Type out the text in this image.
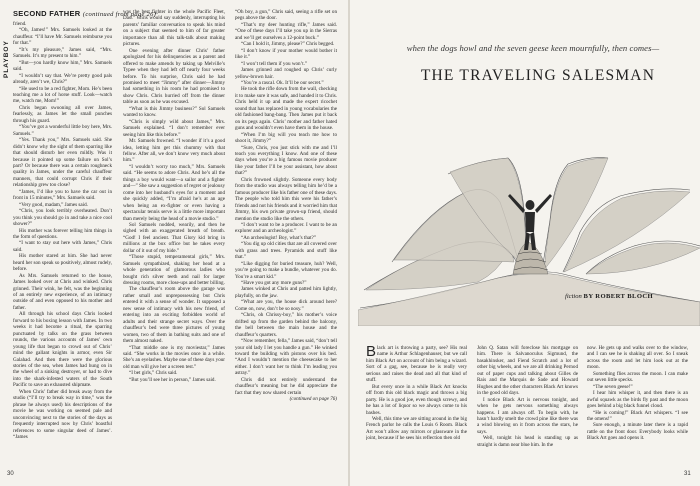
PLAYBOY
SECOND FATHER (continued from page 26)

friend.

“Oh, James!” Mrs. Samuels looked at the chauffeur. “I’ll have Mr. Samuels reimburse you for that.”

“It’s my pleasure,” James said, “Mrs. Samuels. It’s my present to him.”

“But—you hardly know him,” Mrs. Samuels said.

“I wouldn’t say that. We’re pretty good pals already, aren’t we, Chris?”

“He used to be a red fighter, Mom. He’s been teaching me a lot of horse stuff. Look—watch me, watch me, Mom!”

Chris began swooning all over James, fearlessly, as James let the small punches through his guard.

“You’ve got a wonderful little boy here, Mrs. Samuels.”

“Yes. Thank you,” Mrs. Samuels said. She didn’t know why the sight of them sparring like that should disturb her even mildly. Was it because it pointed up some failure on Sol’s part? Or because there was a certain roughneck quality in James, under the careful chauffeur manners, that could corrupt Chris if their relationship grew too close?

“James, I’d like you to have the car out in front in 15 minutes,” Mrs. Samuels said.

“Very good, madam,” James said.

“Chris, you look terribly overheated. Don’t you think you should go in and take a nice cool shower?”

His mother was forever telling him things in the form of questions.

“I want to stay out here with James,” Chris said.

His mother stared at him. She had never heard her son speak so positively, almost rudely, before.

As Mrs. Samuels returned to the house, James looked over at Chris and winked. Chris grinned. Their wink, he felt, was the beginning of an entirely new experience, of an intimacy outside of and even opposed to his mother and father.

All through his school days Chris looked forward to his boxing lesson with James. In two weeks it had become a ritual, the sparring punctuated by talks on the grass between rounds, the various accounts of James’ own young life that began to crowd out of Chris’ mind the gallant knights in armor, even Sir Galahad. And then there were the glorious stories of the sea, when James had hung on in the wheel of a sinking destroyer, or had to dive into the shark-infested waters of the South Pacific to save an exhausted shipmate.

When Chris’ father did break away from the studio (“I’ll try to break way in time,” was the phrase he always used) his descriptions of the movie he was working on seemed pale and unconvincing next to the stories of the days as frequently interrupted now by Chris’ boastful references to some singular deed of James’. “James

was the best fighter in the whole Pacific Fleet, Dad.” Chris would say suddenly, interrupting his parents’ familiar conversation to speak his mind on a subject that seemed to him of far greater importance than all this talk-talk about making pictures.

One evening after dinner Chris’ father apologized for his delinquencies as a parent and offered to make amends by taking up Melville’s Typee when they had left off nearly four weeks before. To his surprise, Chris said he had promised to meet “Jimmy” after dinner—Jimmy had something in his room he had promised to show Chris. Chris hurried off from the dinner table as soon as he was excused.

“What is this Jimmy business?” Sol Samuels wanted to know.

“Chris is simply wild about James,” Mrs. Samuels explained. “I don’t remember ever seeing him like this before.”

Mr. Samuels frowned. “I wonder if it’s a good idea, letting him get this chummy with that fellow. After all, we don’t know very much about him.”

“I wouldn’t worry too much,” Mrs. Samuels said. “He seems to adore Chris. And he’s all the things a boy would want—a sailor and a fighter and—” She saw a suggestion of regret or jealousy come into her husband’s eyes for a moment and she quickly added, “I’m afraid he’s at an age when being an ex-fighter or even having a spectacular tennis serve is a little more important than merely being the head of a movie studio.”

Sol Samuels nodded, wearily, and then he sighed with an exaggerated breath of breath. “God! I feel ancient. That Glory kid bring in millions at the box office but he takes every dollar of it out of my hide.”

“Those stupid, temperamental girls,” Mrs. Samuels sympathized, shaking her head at a whole generation of glamorous ladies who bought rich silver teeth and nail for larger dressing rooms, more close-ups and better billing.

The chauffeur’s room above the garage was rather small and unprepossessing but Chris entered it with a sense of wonder. It supposed a new sense of intimacy with his new friend, of entering into an exciting forbidden world of adults and their strange secret ways. Over the chauffeur’s bed were three pictures of young women, two of them in bathing suits and one of them almost naked.

“That middle one is my moviestar,” James said. “She works in the movies once in a while. She’s an eyelashes. Maybe one of these days your old man will give her a screen test.”

“I bet girls,” Chris said.

“But you’ll see her in person,” James said.

“Oh boy, a gun,” Chris said, seeing a rifle set on pegs above the door.

“That’s my deer hunting rifle,” James said. “One of these days I’ll take you up in the Sierras and we’ll get ourselves a 12-point buck.”

“Can I hold it, Jimmy, please?” Chris begged.

“I don’t know if your mother would bother it like it.”

“I won’t tell them if you won’t.”

James grinned and roughed up Chris’ curly yellow-brown hair.

“You’re a rascal. Ok. It’ll be our secret.”

He took the rifle down from the wall, checking it to make sure it was safe, and handed it to Chris. Chris held it up and made the expert ricochet sound that has replaced in young vocabularies the old fashioned bang-bang. Then James put it back on its pegs again. Chris’ mother and father hated guns and wouldn’t even have them in the house.

“When I’m big will you teach me how to shoot it, Jimmy?”

“Sure, Chris, you just stick with me and I’ll teach you everything I know. And one of these days when you’re a big famous movie producer like your father I’ll be your assistant, how about that?”

Chris frowned slightly. Someone every body from the studio was always telling him he’d be a famous producer like his father one of these days. The people who told him this were his father’s friends and not his friends and it worried him that Jimmy, his own private grown-up friend, should mention the studio like the others.

“I don’t want to be a producer. I want to be an explorer and an archeologist.”

“An archeologist! Boy, what’s that?”

“You dig up old cities that are all covered over with grass and trees. Pyramids and stuff like that.”

“Like digging for buried treasure, huh? Well, you’re going to make a bundle, whatever you do. You’re a smart kid.”

“Have you got any more guns?”

James winked at Chris and patted him lightly, playfully, on the jaw.

“What are you, the house dick around here? Come on, now, don’t be so nosy.”

“Chris, oh Chrissy-boy,” his mother’s voice drifted up from the garden behind the balcony, the bell between the main house and the chauffeur’s quarters.

“Now remember, fella,” James said, “don’t tell your old lady I let you handle a gun.” He winked toward the building with pistons over his bed. “And I wouldn’t mention the cheesecake to her either. I don’t want her to think I’m leading you astray.”

Chris did not entirely understand the chauffeur’s meaning but he did appreciate the fact that they now shared certain

(continued on page 76)

30
when the dogs howl and the seven geese keen mournfully, then comes—
THE TRAVELING SALESMAN
fiction BY ROBERT BLOCH

Black art is throwing a party, see? His real name is Arthur Schlagenhauser, but we call him Black Art on account of him being a wizard. Sort of a gag, see, because he is really very serious and raises the dead and all that kind of stuff.

But every once in a while Black Art knocks off from this old black magic and throws a big party. He is a good joe, even though screwy, and he has a lot of liquor so we always come to his bashes.

Well, this time we are sitting around in the big French parlor he calls the Louis 6 Room. Black Art won’t allow any mirrors or glassware in the joint, because if he sees his reflection then old

John Q. Satan will foreclose his mortgage on him. There is Salvanoculus Sigmund, the basakhinsker, and Fiend Scratch and a lot of other big wheels, and we are all drinking Pernod out of paper cups and talking about Gilles de Rais and the Marquis de Sade and Howard Hughes and the other characters Black Art knows in the good old days.

I notice Black Art is nervous tonight, and when he gets nervous something always happens. I am always off. To begin with, he hasn’t hardly smelt the crowd pine like there was a wind blowing on it from across the stars, he says.

Well, tonight his head is standing up as straight is damn near blue him. In the

now. He gets up and walks over to the window, and I can see he is shaking all over. So I sneak across the room and let him look out at the moon.

Something flies across the moon. I can make out seven little specks.

“The seven geese!”

I hear him whisper it, and then there is an awful squawk as the birds fly past and the moon goes behind a big black funnel cloud.

“He is coming!” Black Art whispers. “I see the omens!”

Sure enough, a minute later there is a rapid rattle on the front door. Everybody looks while Black Art goes and opens it.

31
